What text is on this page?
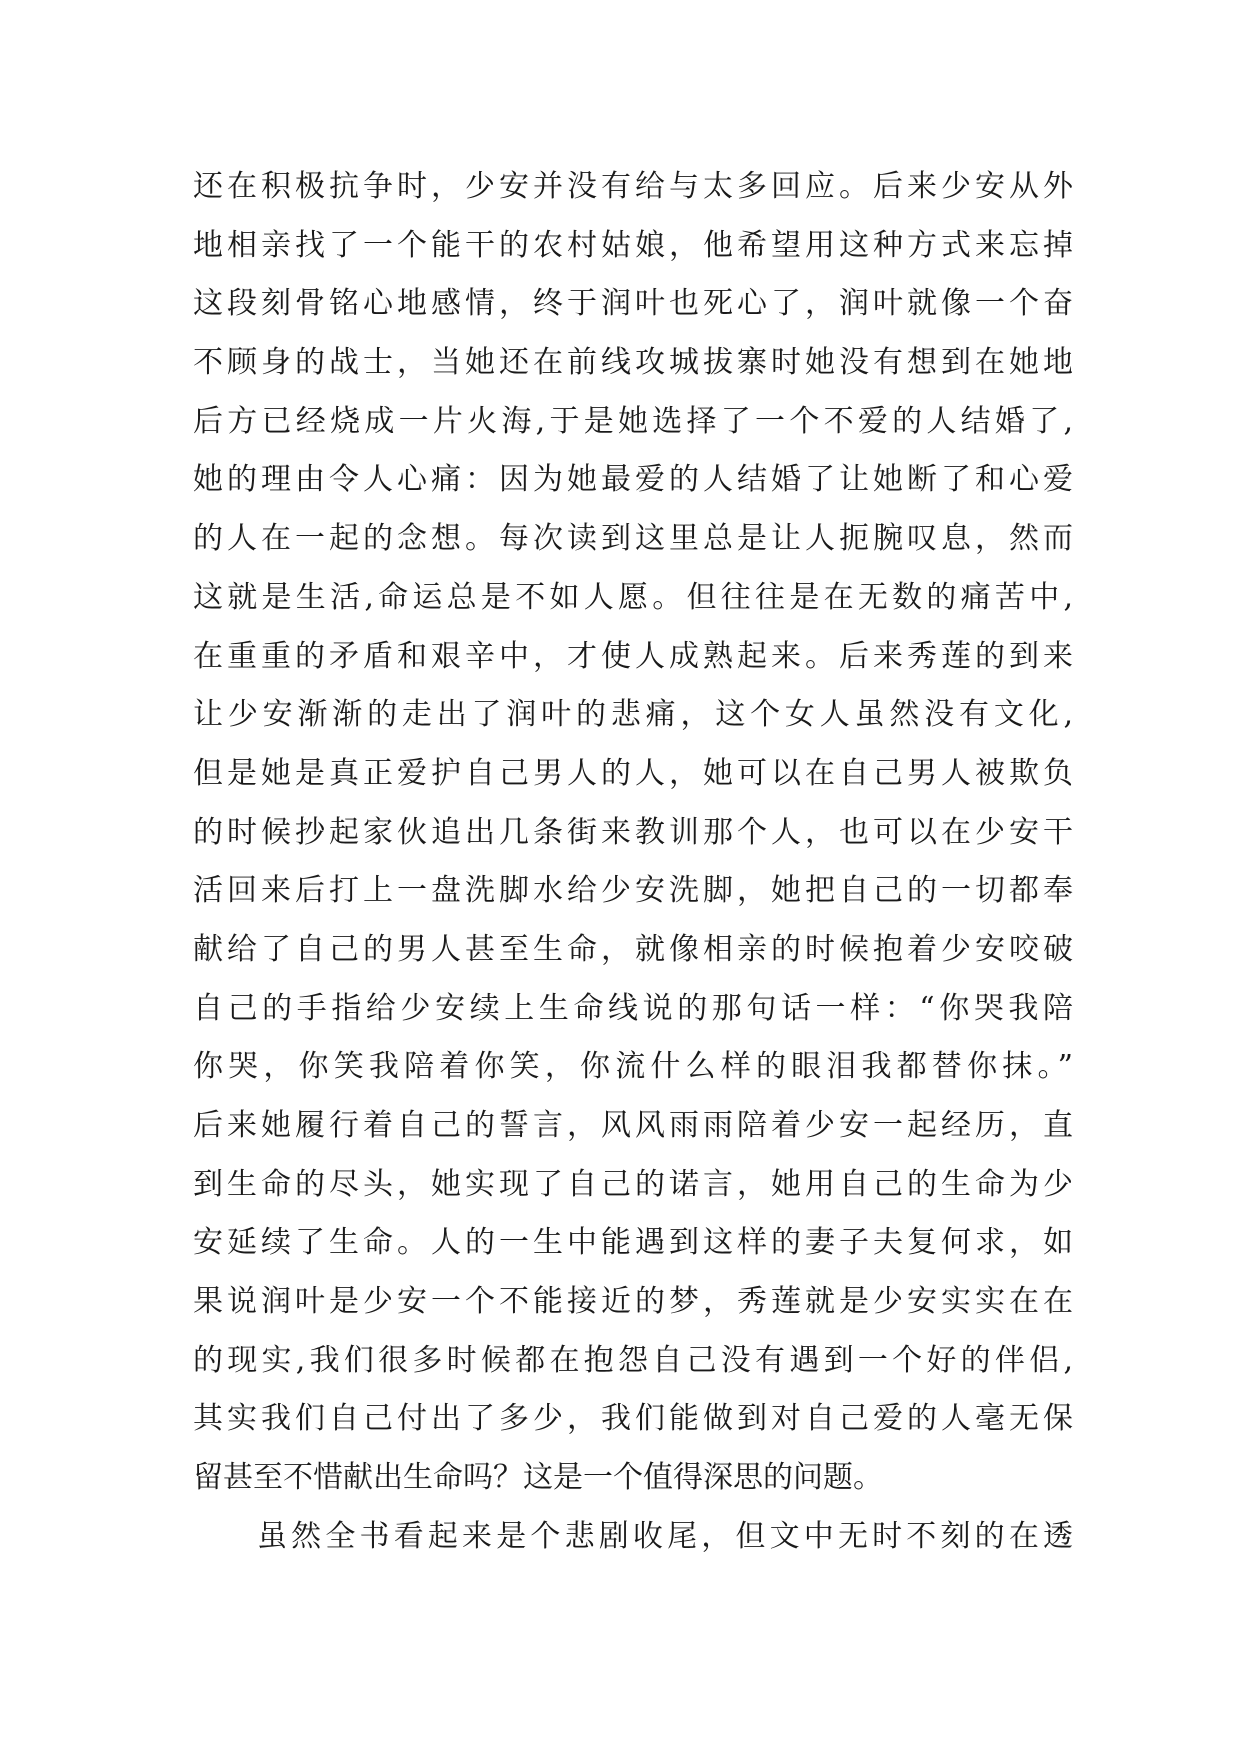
还在积极抗争时，少安并没有给与太多回应。后来少安从外
地相亲找了一个能干的农村姑娘，他希望用这种方式来忘掉
这段刻骨铭心地感情，终于润叶也死心了，润叶就像一个奋
不顾身的战士，当她还在前线攻城拔寨时她没有想到在她地
后方已经烧成一片火海,于是她选择了一个不爱的人结婚了,
她的理由令人心痛：因为她最爱的人结婚了让她断了和心爱
的人在一起的念想。每次读到这里总是让人扼腕叹息，然而
这就是生活,命运总是不如人愿。但往往是在无数的痛苦中,
在重重的矛盾和艰辛中，才使人成熟起来。后来秀莲的到来
让少安渐渐的走出了润叶的悲痛，这个女人虽然没有文化,
但是她是真正爱护自己男人的人，她可以在自己男人被欺负
的时候抄起家伙追出几条街来教训那个人，也可以在少安干
活回来后打上一盘洗脚水给少安洗脚，她把自己的一切都奉
献给了自己的男人甚至生命，就像相亲的时候抱着少安咬破
自己的手指给少安续上生命线说的那句话一样：“你哭我陪
你哭，你笑我陪着你笑，你流什么样的眼泪我都替你抹。”
后来她履行着自己的誓言，风风雨雨陪着少安一起经历，直
到生命的尽头，她实现了自己的诺言，她用自己的生命为少
安延续了生命。人的一生中能遇到这样的妻子夫复何求，如
果说润叶是少安一个不能接近的梦，秀莲就是少安实实在在
的现实,我们很多时候都在抱怨自己没有遇到一个好的伴侣,
其实我们自己付出了多少，我们能做到对自己爱的人毫无保
留甚至不惜献出生命吗？这是一个值得深思的问题。
虽然全书看起来是个悲剧收尾，但文中无时不刻的在透
